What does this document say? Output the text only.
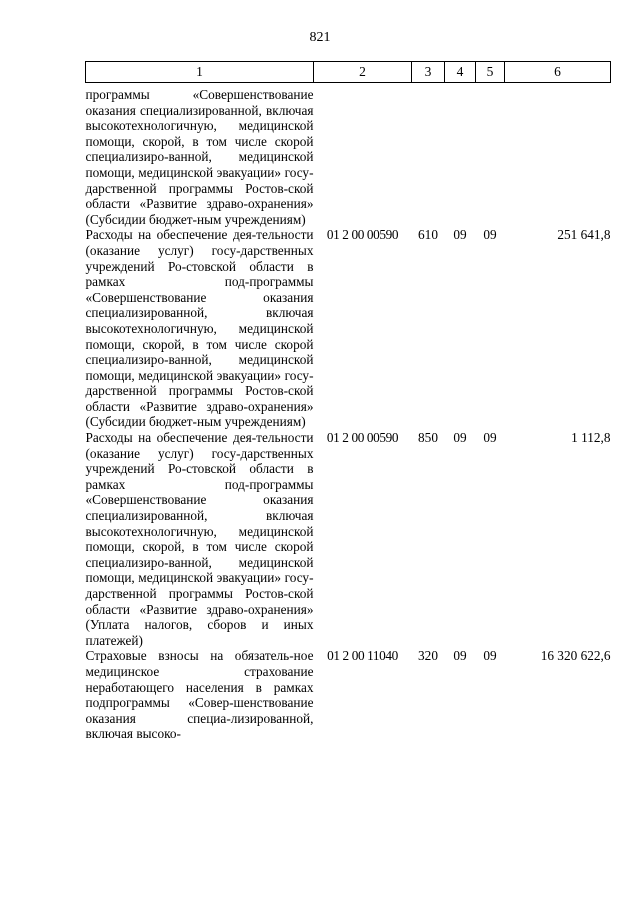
821
1	2	3	4	5	6
программы «Совершенствование оказания специализированной, включая высокотехнологичную, медицинской помощи, скорой, в том числе скорой специализиро-ванной, медицинской помощи, медицинской эвакуации» госу-дарственной программы Ростов-ской области «Развитие здраво-охранения» (Субсидии бюджет-ным учреждениям)					
Расходы на обеспечение дея-тельности (оказание услуг) госу-дарственных учреждений Ро-стовской области в рамках под-программы «Совершенствование оказания специализированной, включая высокотехнологичную, медицинской помощи, скорой, в том числе скорой специализиро-ванной, медицинской помощи, медицинской эвакуации» госу-дарственной программы Ростов-ской области «Развитие здраво-охранения» (Субсидии бюджет-ным учреждениям)	01 2 00 00590	610	09	09	251 641,8
Расходы на обеспечение дея-тельности (оказание услуг) госу-дарственных учреждений Ро-стовской области в рамках под-программы «Совершенствование оказания специализированной, включая высокотехнологичную, медицинской помощи, скорой, в том числе скорой специализиро-ванной, медицинской помощи, медицинской эвакуации» госу-дарственной программы Ростов-ской области «Развитие здраво-охранения» (Уплата налогов, сборов и иных платежей)	01 2 00 00590	850	09	09	1 112,8
Страховые взносы на обязатель-ное медицинское страхование неработающего населения в рамках подпрограммы «Совер-шенствование оказания специа-лизированной, включая высоко-	01 2 00 11040	320	09	09	16 320 622,6
